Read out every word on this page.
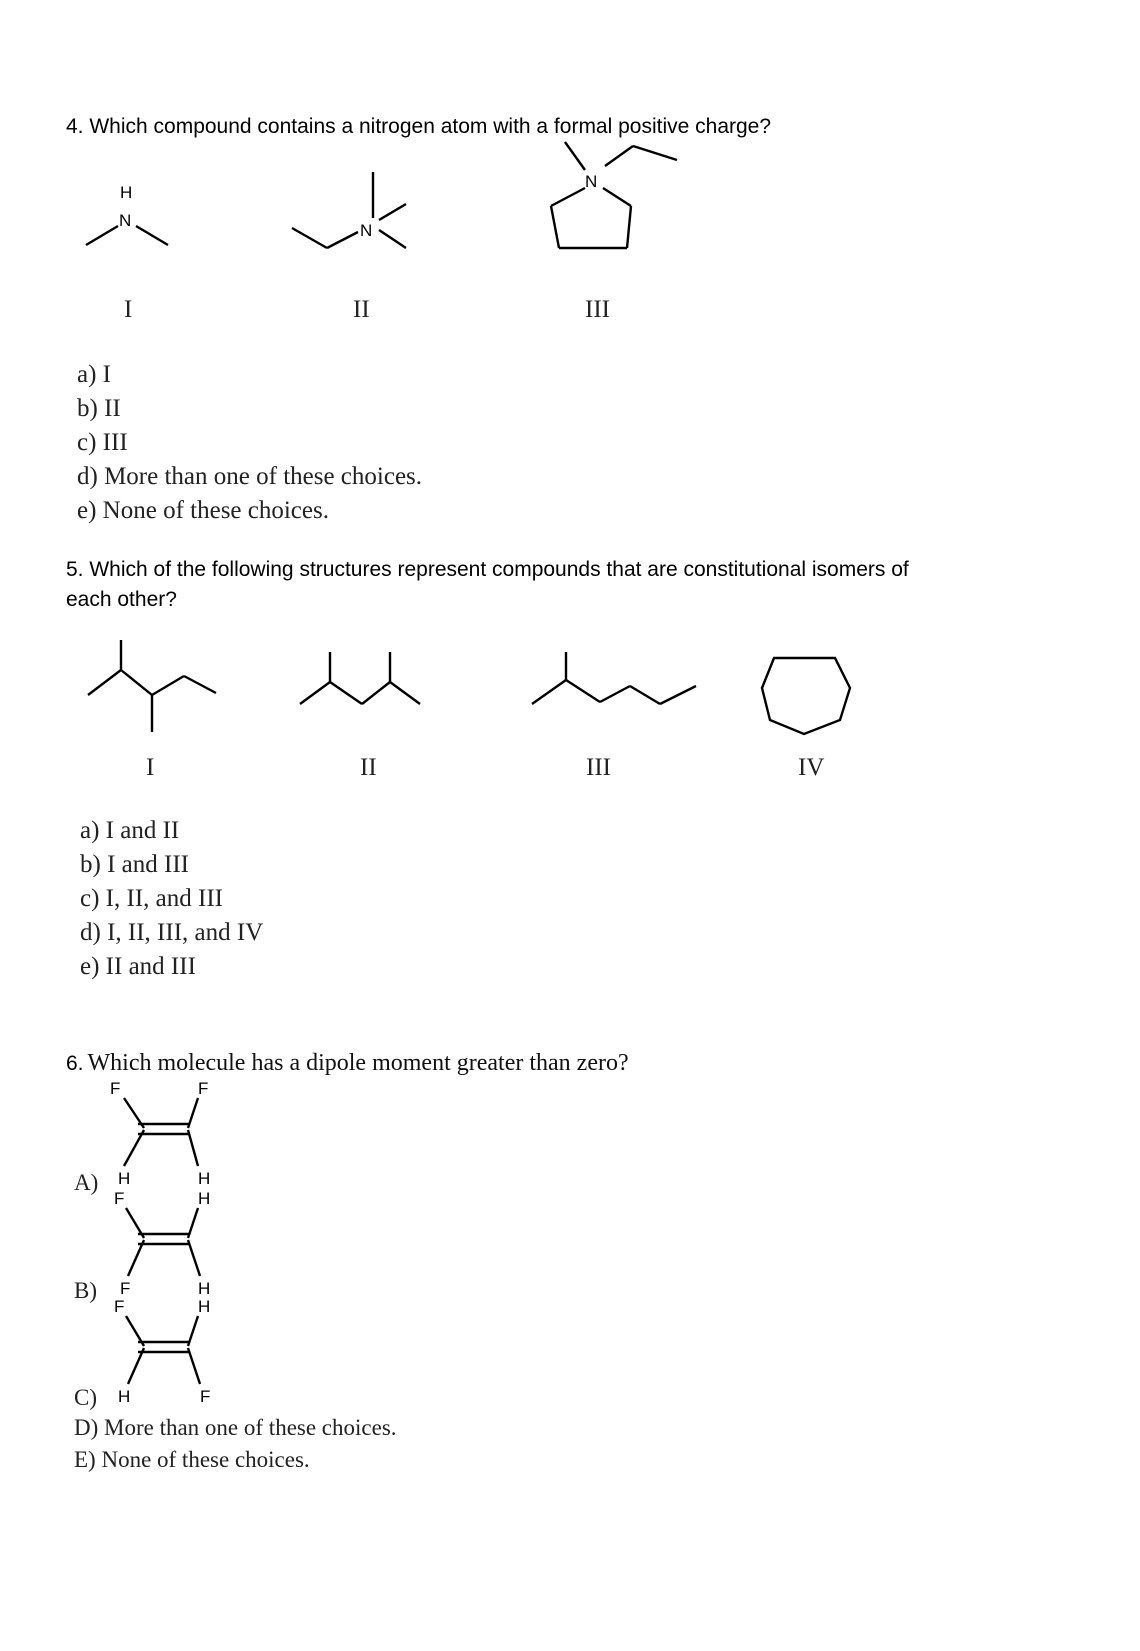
4. Which compound contains a nitrogen atom with a formal positive charge?
H
N
N
N
I	II	III
a) I
b) II
c) III
d) More than one of these choices.
e) None of these choices.
5. Which of the following structures represent compounds that are constitutional isomers of
each other?
I	II	III	IV
a) I and II
b) I and III
c) I, II, and III
d) I, II, III, and IV
e) II and III
6. Which molecule has a dipole moment greater than zero?
A)
F	F
H	H
B)
F	H
F	H
C)
F	H
H	F
D) More than one of these choices.
E) None of these choices.
